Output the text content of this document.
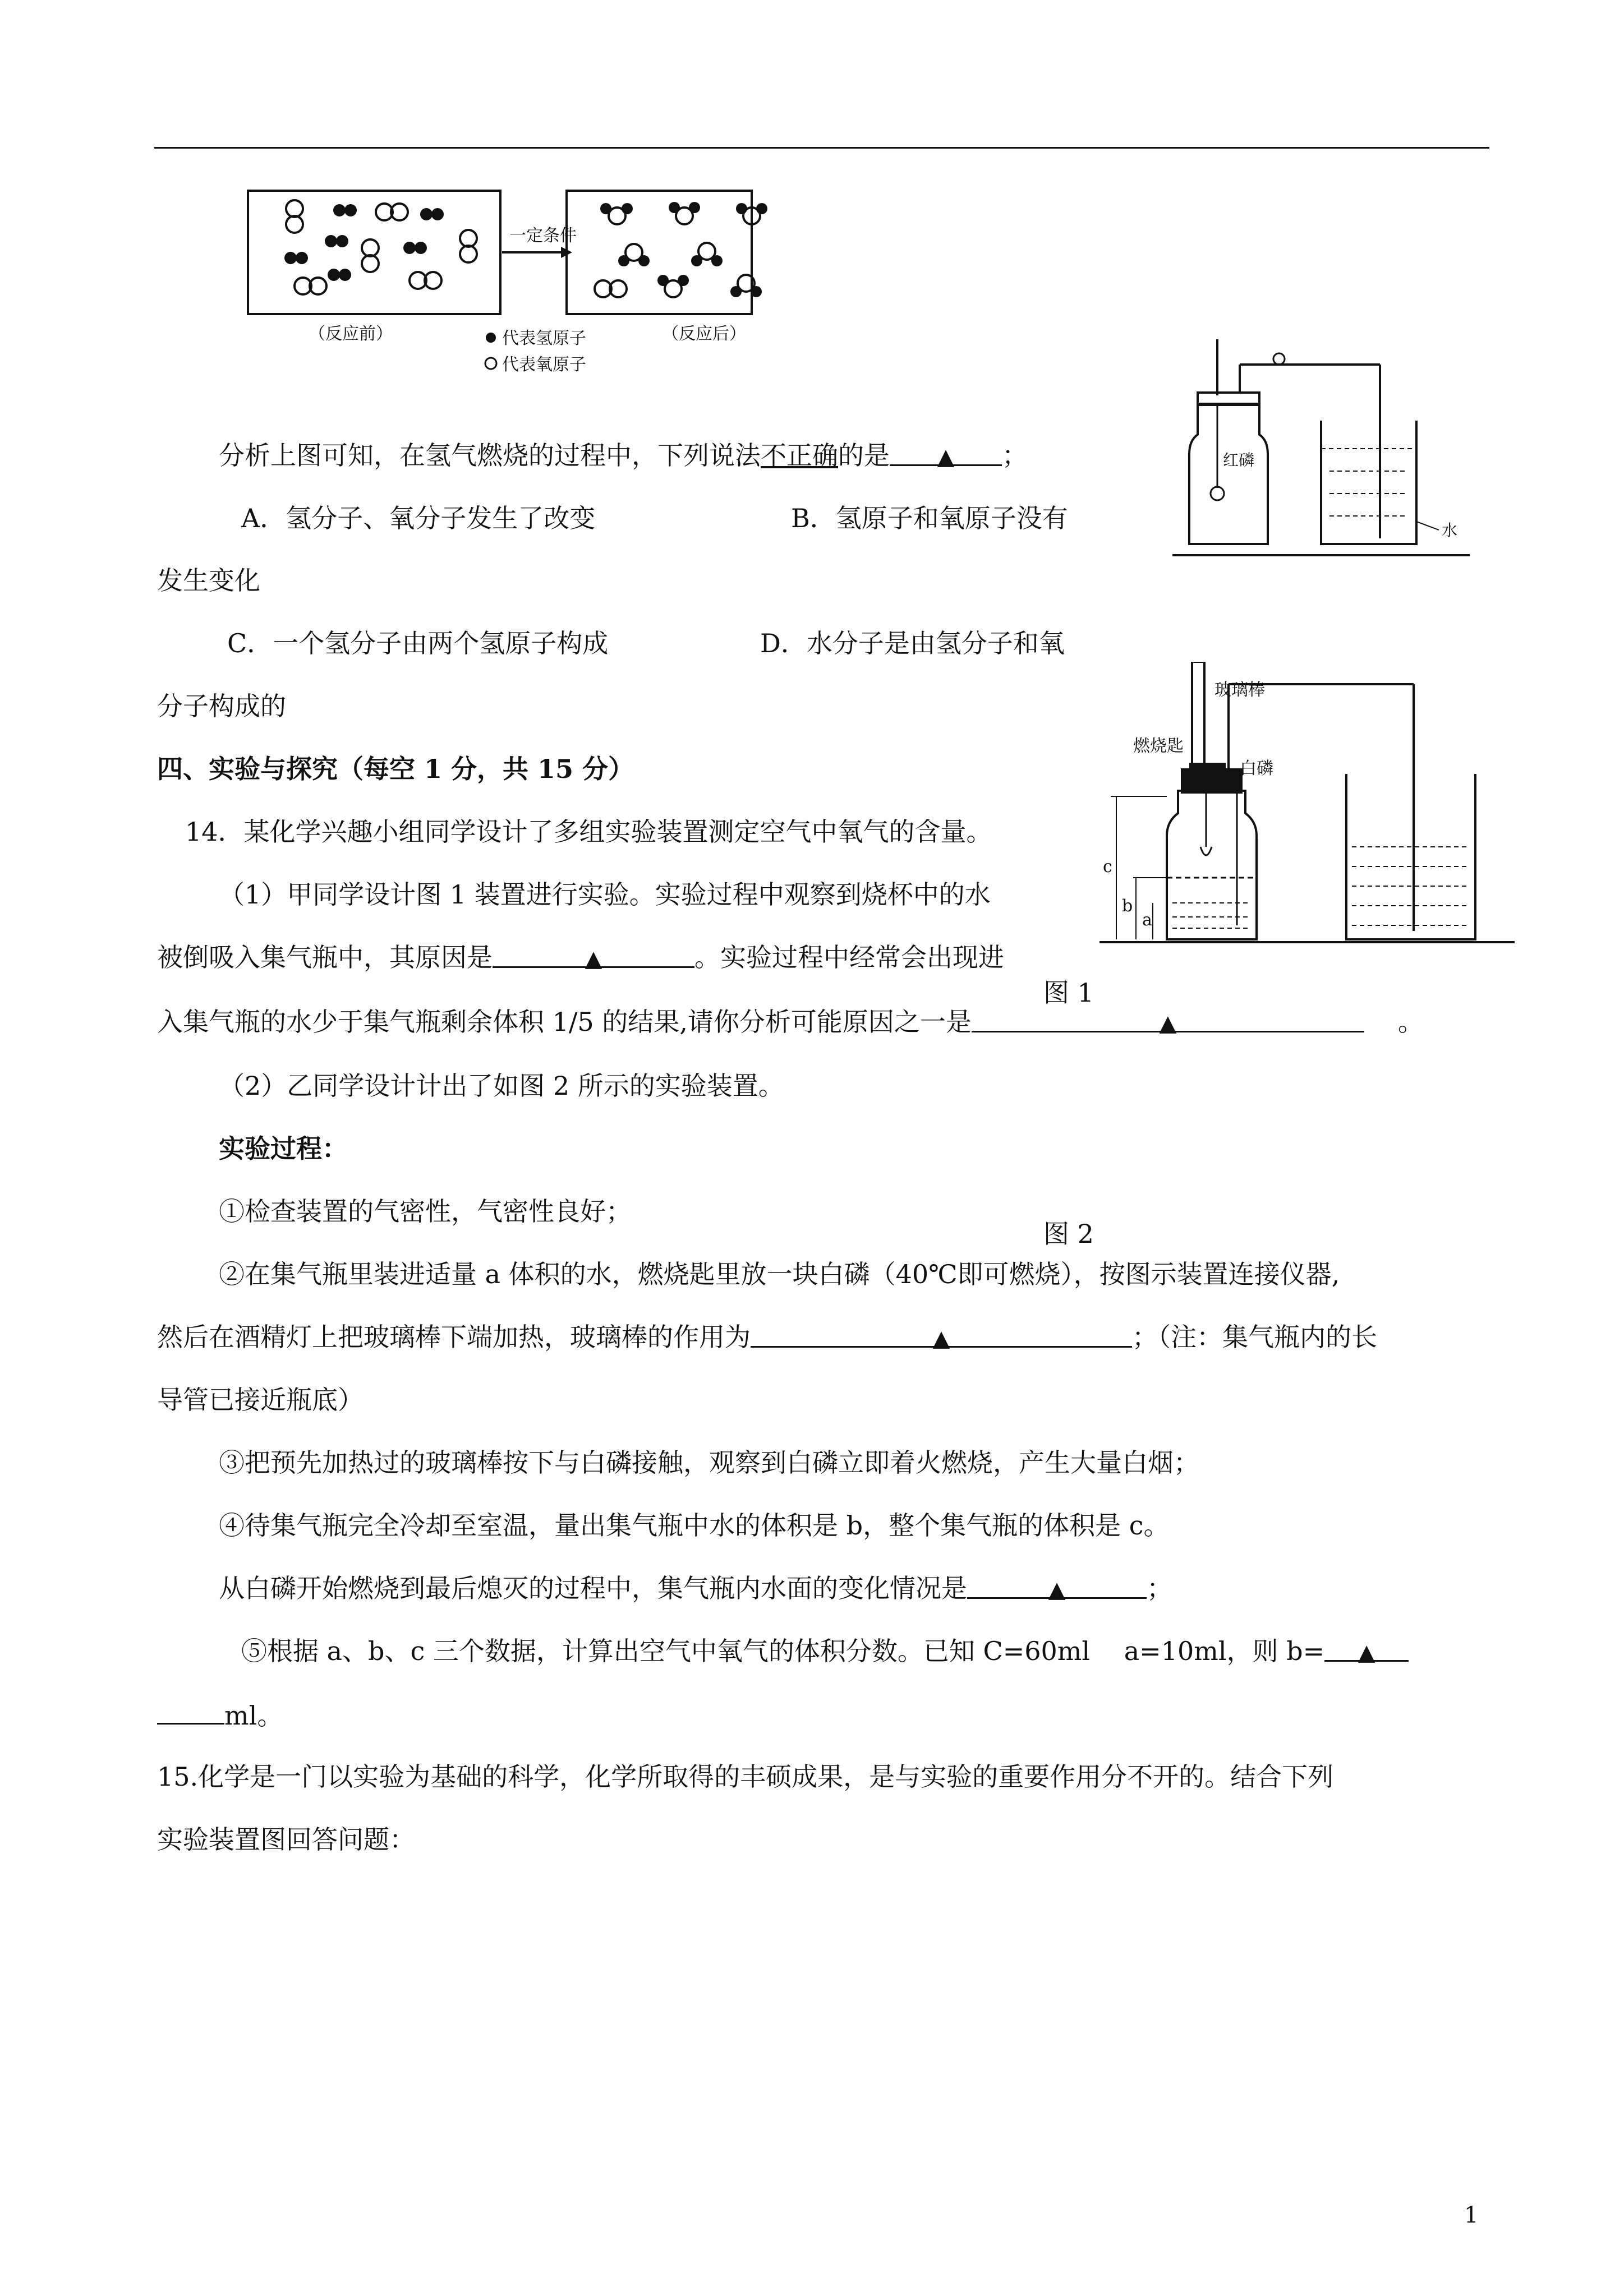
一定条件
（反应前）	（反应后）
代表氢原子
代表氧原子
红磷
水
c
b
a
玻璃棒
燃烧匙
白磷
分析上图可知，在氢气燃烧的过程中，下列说法不正确的是 ▲ ；
A．氢分子、氧分子发生了改变	B．氢原子和氧原子没有
发生变化
C．一个氢分子由两个氢原子构成	D．水分子是由氢分子和氧
分子构成的
四、实验与探究（每空 1 分，共 15 分）
14．某化学兴趣小组同学设计了多组实验装置测定空气中氧气的含量。
（1）甲同学设计图 1 装置进行实验。实验过程中观察到烧杯中的水
被倒吸入集气瓶中，其原因是	▲	。实验过程中经常会出现进
图 1
入集气瓶的水少于集气瓶剩余体积 1/5 的结果,请你分析可能原因之一是	▲	。
（2）乙同学设计计出了如图 2 所示的实验装置。
实验过程：
①检查装置的气密性，气密性良好；
图 2
②在集气瓶里装进适量 a 体积的水，燃烧匙里放一块白磷（40℃即可燃烧），按图示装置连接仪器,
然后在酒精灯上把玻璃棒下端加热，玻璃棒的作用为	▲	；（注：集气瓶内的长
导管已接近瓶底）
③把预先加热过的玻璃棒按下与白磷接触，观察到白磷立即着火燃烧，产生大量白烟；
④待集气瓶完全冷却至室温，量出集气瓶中水的体积是 b，整个集气瓶的体积是 c。
从白磷开始燃烧到最后熄灭的过程中，集气瓶内水面的变化情况是	▲	；
⑤根据 a、b、c 三个数据，计算出空气中氧气的体积分数。已知 C=60ml　 a=10ml，则 b= ▲
ml。
15.化学是一门以实验为基础的科学，化学所取得的丰硕成果，是与实验的重要作用分不开的。结合下列
实验装置图回答问题：
1
